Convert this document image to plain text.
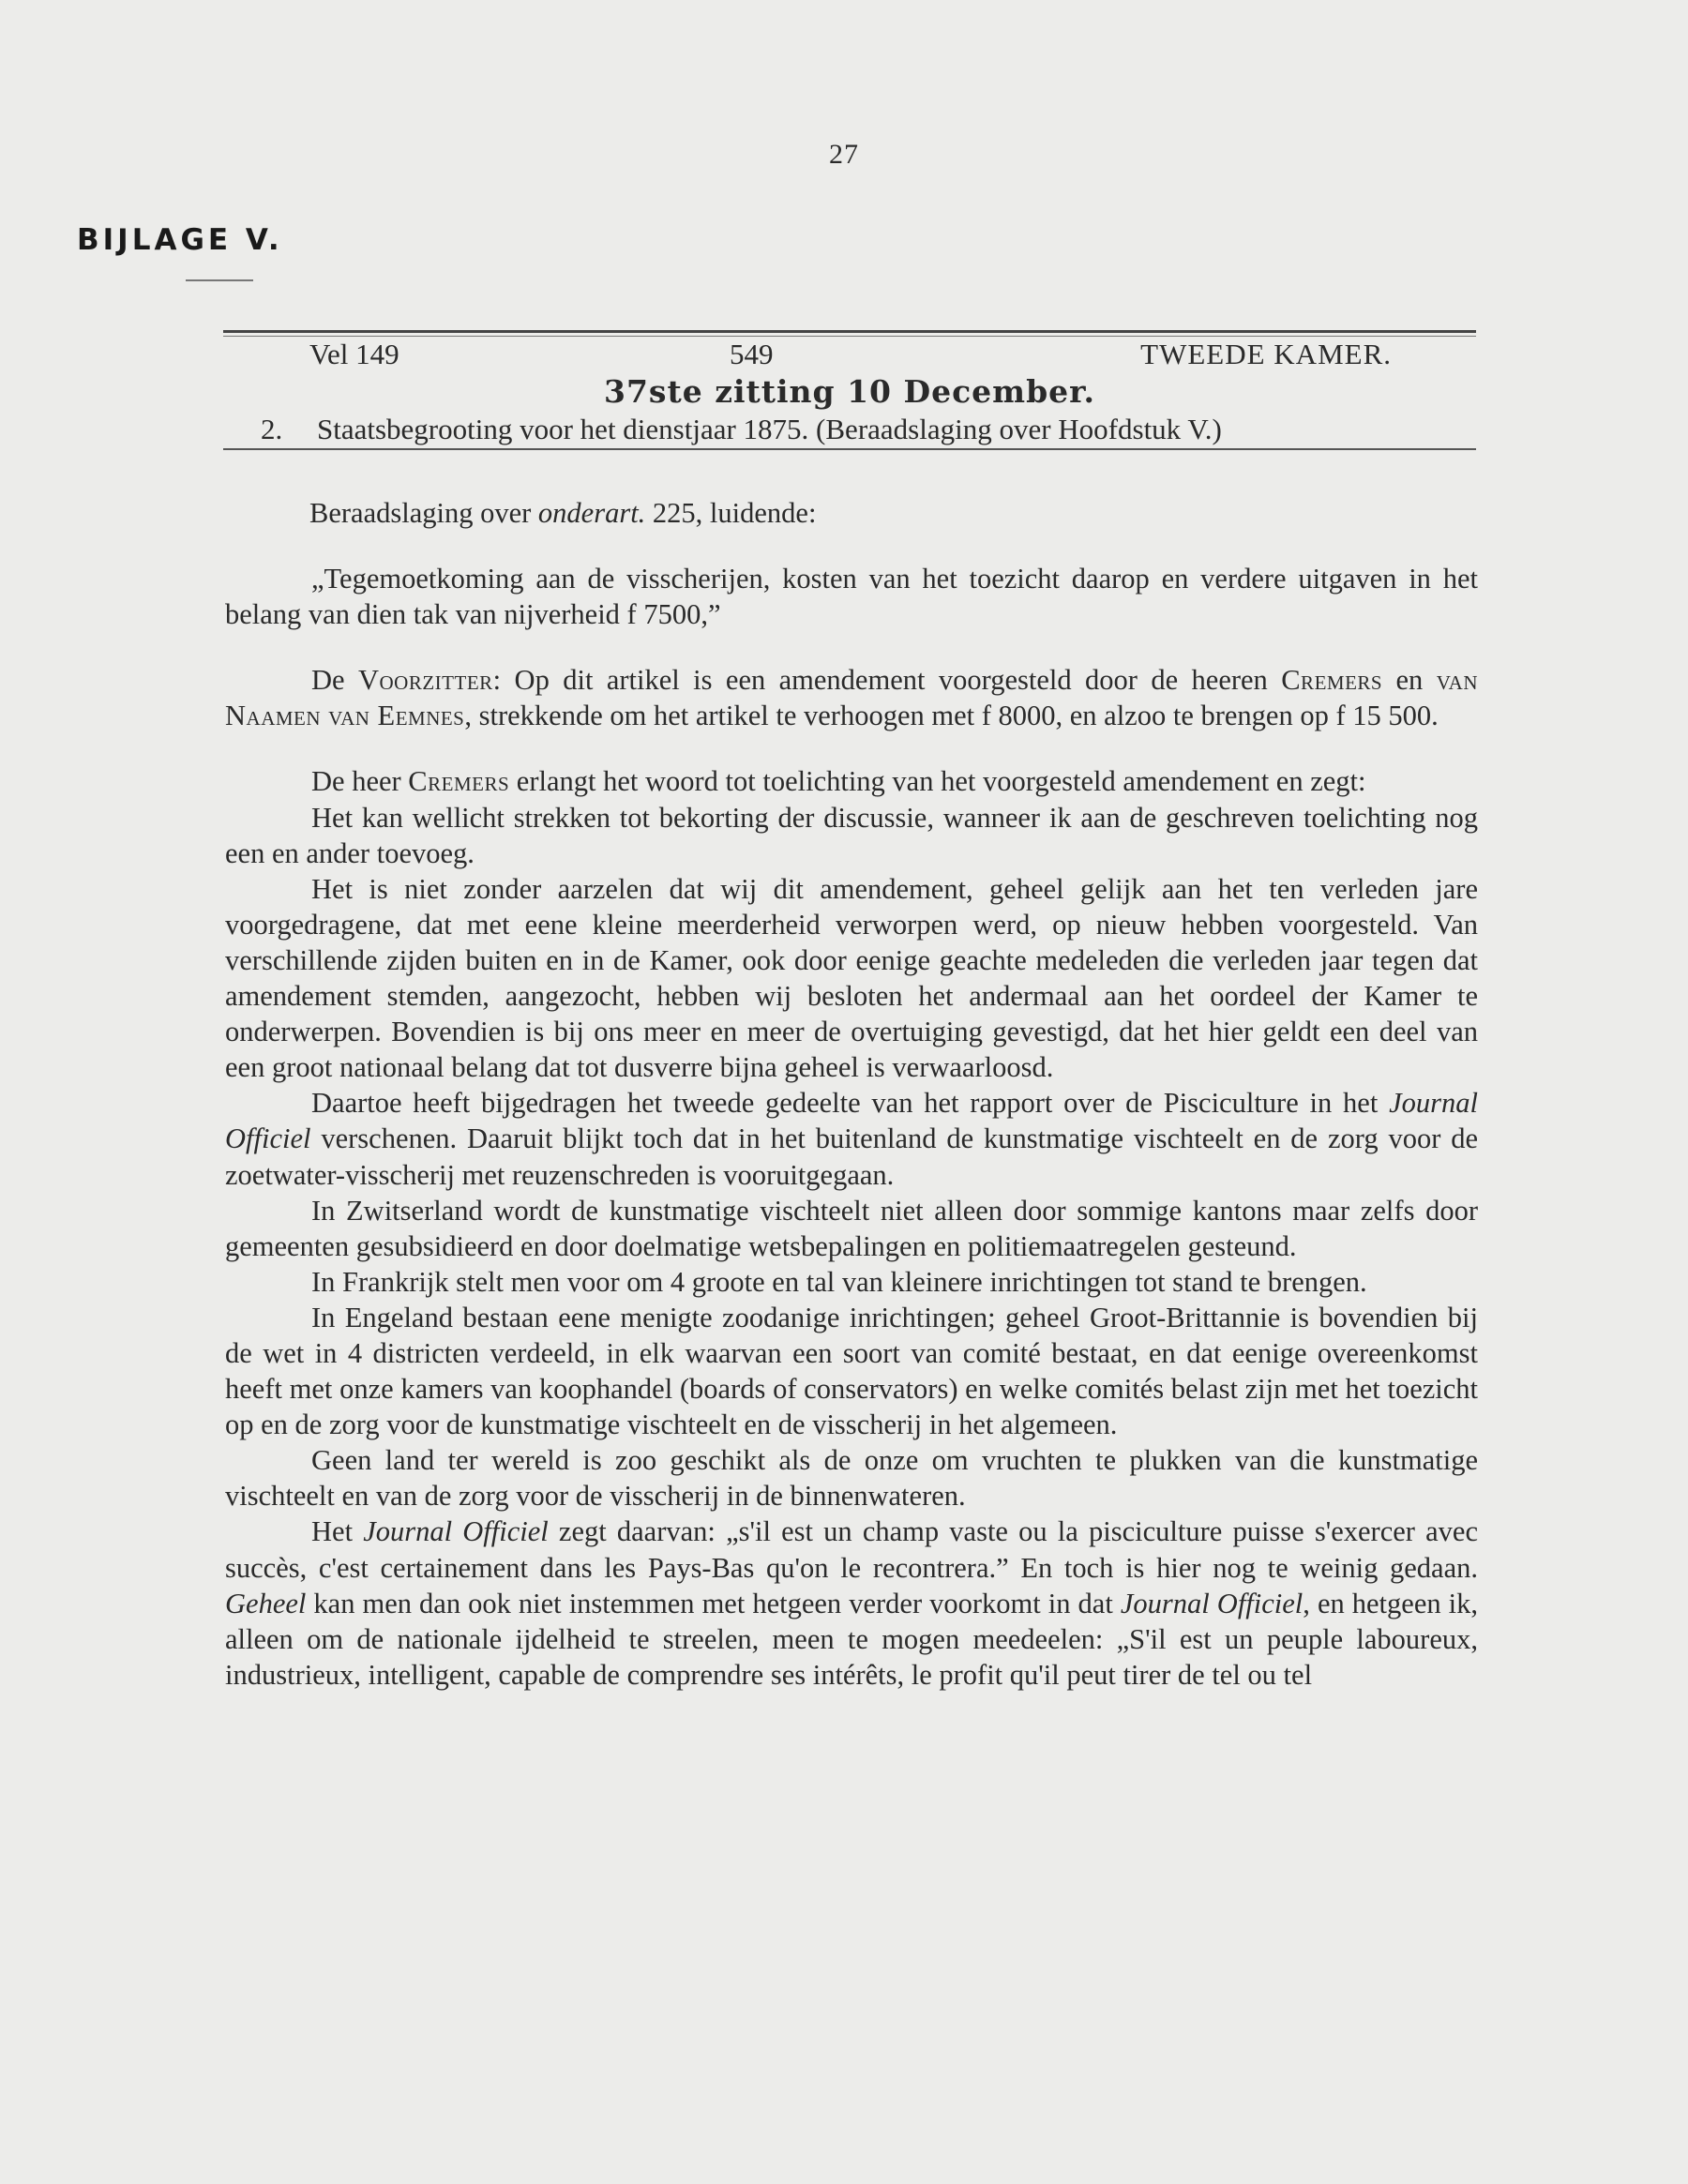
27
BIJLAGE V.
Vel 149	549	TWEEDE KAMER.
37ste zitting 10 December.
2. Staatsbegrooting voor het dienstjaar 1875. (Beraadslaging over Hoofdstuk V.)

Beraadslaging over onderart. 225, luidende:

„Tegemoetkoming aan de visscherijen, kosten van het toezicht daarop en verdere uitgaven in het belang van dien tak van nijverheid f 7500,”

De Voorzitter: Op dit artikel is een amendement voorgesteld door de heeren Cremers en van Naamen van Eemnes, strekkende om het artikel te verhoogen met f 8000, en alzoo te brengen op f 15 500.

De heer Cremers erlangt het woord tot toelichting van het voorgesteld amendement en zegt:

Het kan wellicht strekken tot bekorting der discussie, wanneer ik aan de geschreven toelichting nog een en ander toevoeg.

Het is niet zonder aarzelen dat wij dit amendement, geheel gelijk aan het ten verleden jare voorgedragene, dat met eene kleine meerderheid verworpen werd, op nieuw hebben voorgesteld. Van verschillende zijden buiten en in de Kamer, ook door eenige geachte medeleden die verleden jaar tegen dat amendement stemden, aangezocht, hebben wij besloten het andermaal aan het oordeel der Kamer te onderwerpen. Bovendien is bij ons meer en meer de overtuiging gevestigd, dat het hier geldt een deel van een groot nationaal belang dat tot dusverre bijna geheel is verwaarloosd.

Daartoe heeft bijgedragen het tweede gedeelte van het rapport over de Pisciculture in het Journal Officiel verschenen. Daaruit blijkt toch dat in het buitenland de kunstmatige vischteelt en de zorg voor de zoetwater-visscherij met reuzenschreden is vooruitgegaan.

In Zwitserland wordt de kunstmatige vischteelt niet alleen door sommige kantons maar zelfs door gemeenten gesubsidieerd en door doelmatige wetsbepalingen en politiemaatregelen gesteund.

In Frankrijk stelt men voor om 4 groote en tal van kleinere inrichtingen tot stand te brengen.

In Engeland bestaan eene menigte zoodanige inrichtingen; geheel Groot-Brittannie is bovendien bij de wet in 4 districten verdeeld, in elk waarvan een soort van comité bestaat, en dat eenige overeenkomst heeft met onze kamers van koophandel (boards of conservators) en welke comités belast zijn met het toezicht op en de zorg voor de kunstmatige vischteelt en de visscherij in het algemeen.

Geen land ter wereld is zoo geschikt als de onze om vruchten te plukken van die kunstmatige vischteelt en van de zorg voor de visscherij in de binnenwateren.

Het Journal Officiel zegt daarvan: „s'il est un champ vaste ou la pisciculture puisse s'exercer avec succès, c'est certainement dans les Pays-Bas qu'on le recontrera.” En toch is hier nog te weinig gedaan. Geheel kan men dan ook niet instemmen met hetgeen verder voorkomt in dat Journal Officiel, en hetgeen ik, alleen om de nationale ijdelheid te streelen, meen te mogen meedeelen: „S'il est un peuple laboureux, industrieux, intelligent, capable de comprendre ses intérêts, le profit qu'il peut tirer de tel ou tel
